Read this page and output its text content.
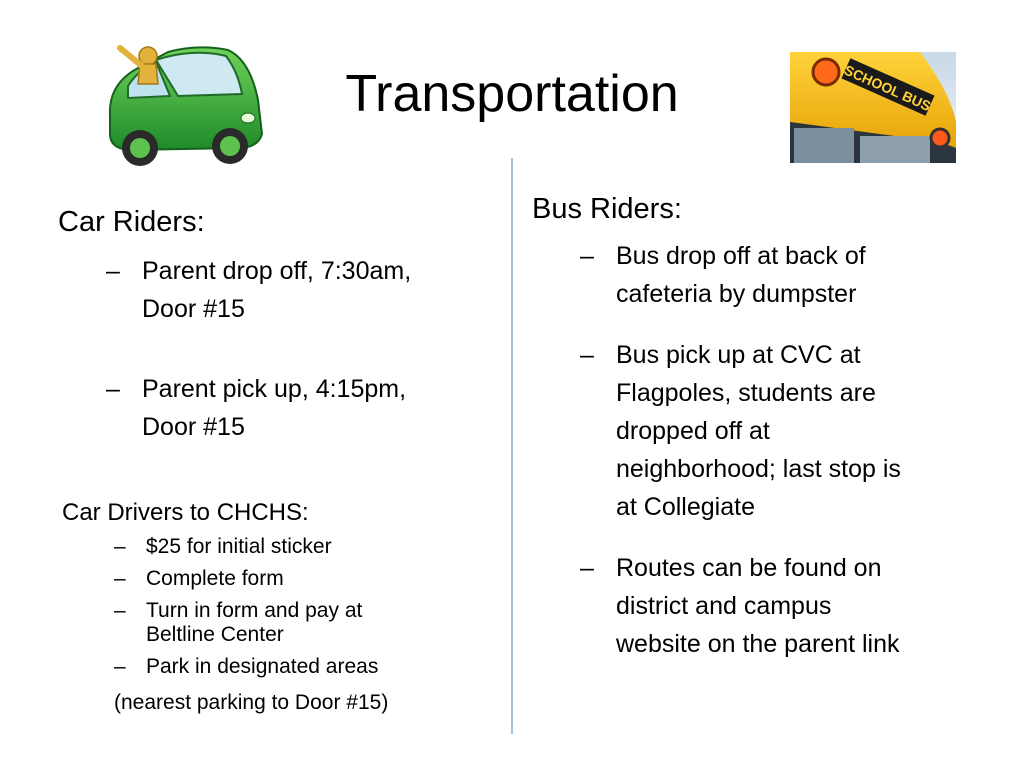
Transportation	SCHOOL BUS
Car Riders:
– Parent drop off, 7:30am,
Door #15
– Parent pick up, 4:15pm,
Door #15
Car Drivers to CHCHS:
– $25 for initial sticker
– Complete form
– Turn in form and pay at
Beltline Center
– Park in designated areas
(nearest parking to Door #15)
Bus Riders:
– Bus drop off at back of
cafeteria by dumpster
– Bus pick up at CVC at
Flagpoles, students are
dropped off at
neighborhood; last stop is
at Collegiate
– Routes can be found on
district and campus
website on the parent link
